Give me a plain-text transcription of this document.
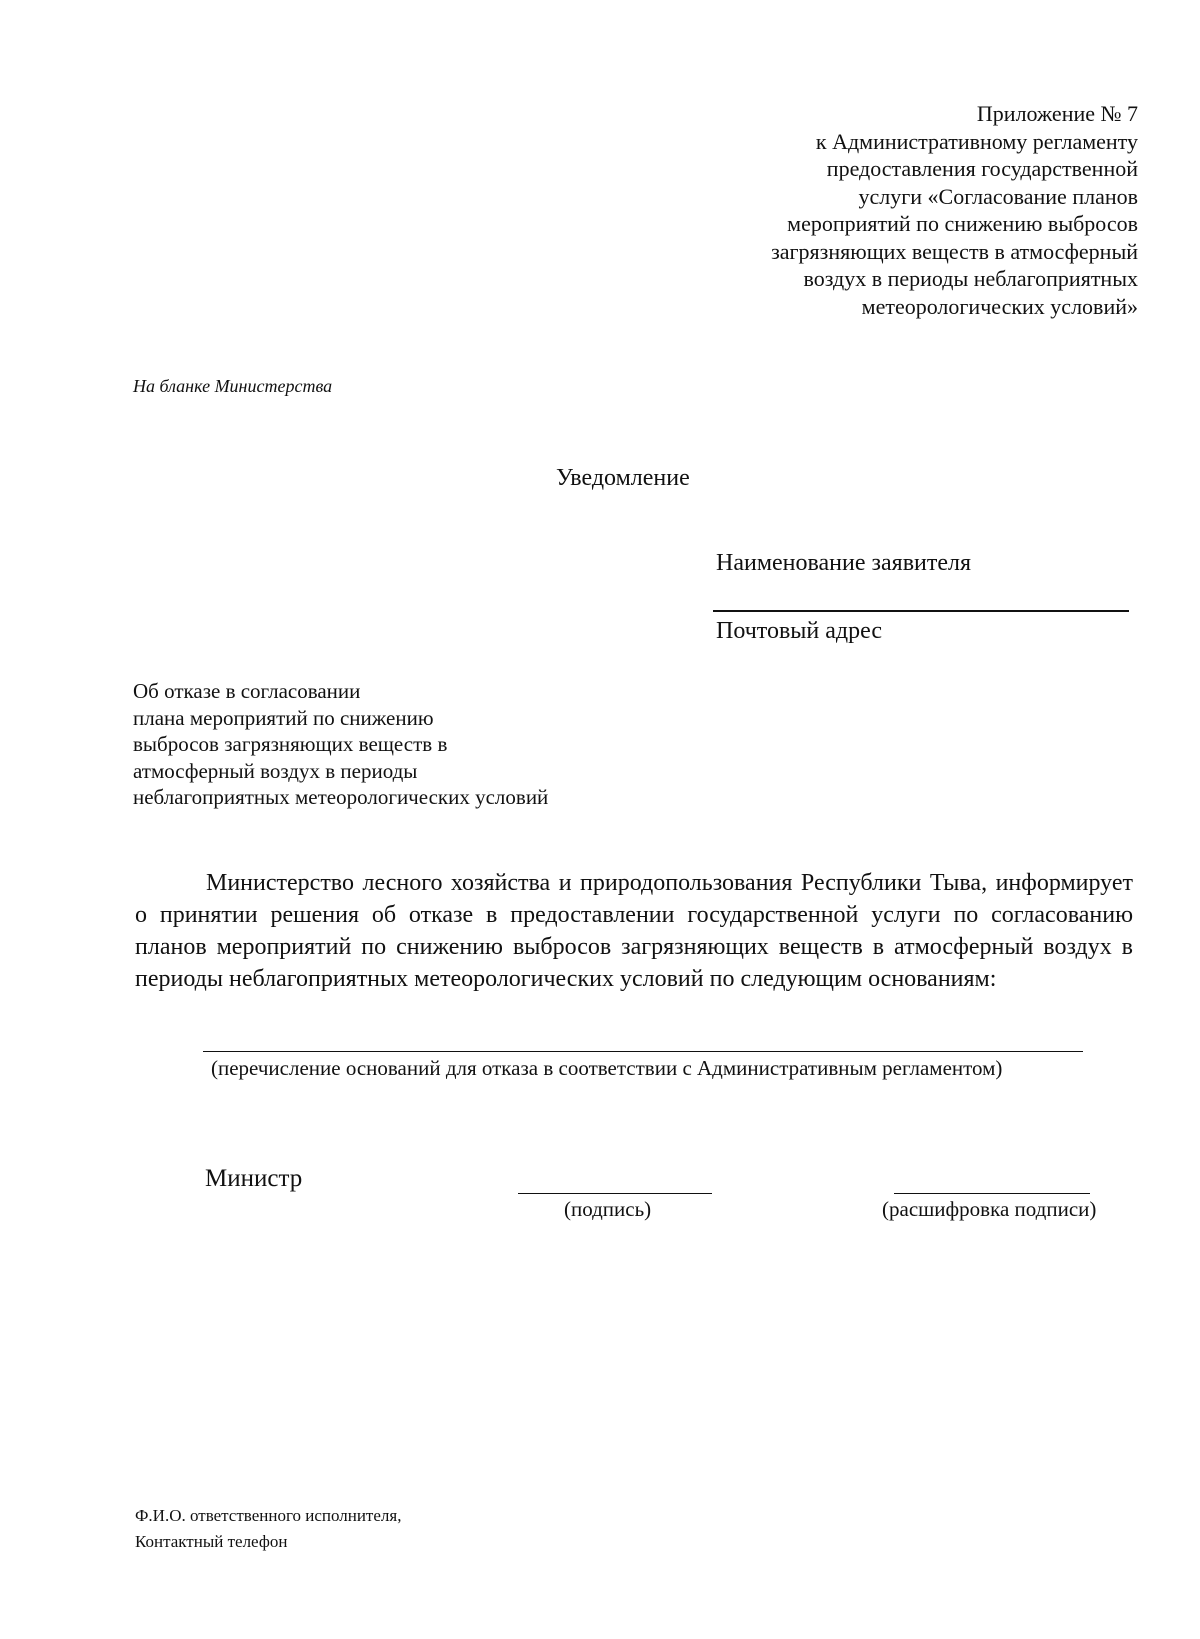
Приложение № 7
к Административному регламенту
предоставления государственной
услуги «Согласование планов
мероприятий по снижению выбросов
загрязняющих веществ в атмосферный
воздух в периоды неблагоприятных
метеорологических условий»
На бланке Министерства
Уведомление
Наименование заявителя
Почтовый адрес
Об отказе в согласовании
плана мероприятий по снижению
выбросов загрязняющих веществ в
атмосферный воздух в периоды
неблагоприятных метеорологических условий
Министерство лесного хозяйства и природопользования Республики Тыва, информирует о принятии решения об отказе в предоставлении государственной услуги по согласованию планов мероприятий по снижению выбросов загрязняющих веществ в атмосферный воздух в периоды неблагоприятных метеорологических условий по следующим основаниям:
(перечисление оснований для отказа в соответствии с Административным регламентом)
Министр
(подпись)	(расшифровка подписи)
Ф.И.О. ответственного исполнителя,
Контактный телефон
